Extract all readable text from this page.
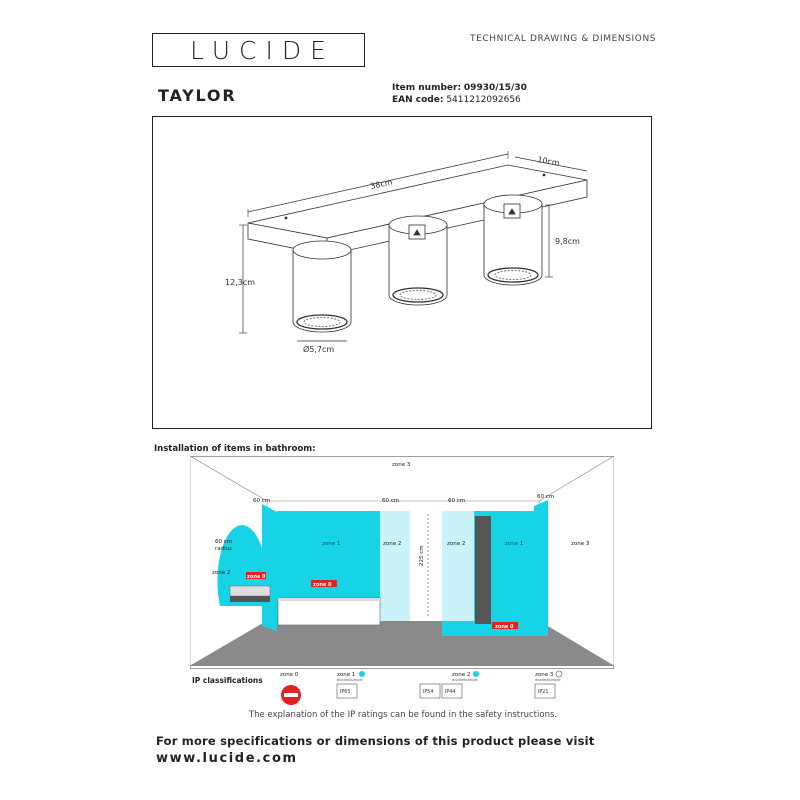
LUCIDE	TECHNICAL DRAWING & DIMENSIONS
TAYLOR	Item number: 09930/15/30
EAN code: 5411212092656
38cm
10cm
12,3cm
9,8cm
Ø5,7cm
Installation of items in bathroom:
zone 3
zone 1	zone 2	zone 2	zone 1	zone 3
zone 2
60 cm	60 cm	60 cm
60 cm
60 cm
radius	225 cm
zone 0
zone 0
zone 0
IP classifications
zone 0	zone 1	zone 2	zone 3
divided/simple	divided/simple	divided/simple
IP65	IP54 IP44	IP21
The explanation of the IP ratings can be found in the safety instructions.
For more specifications or dimensions of this product please visit
www.lucide.com
